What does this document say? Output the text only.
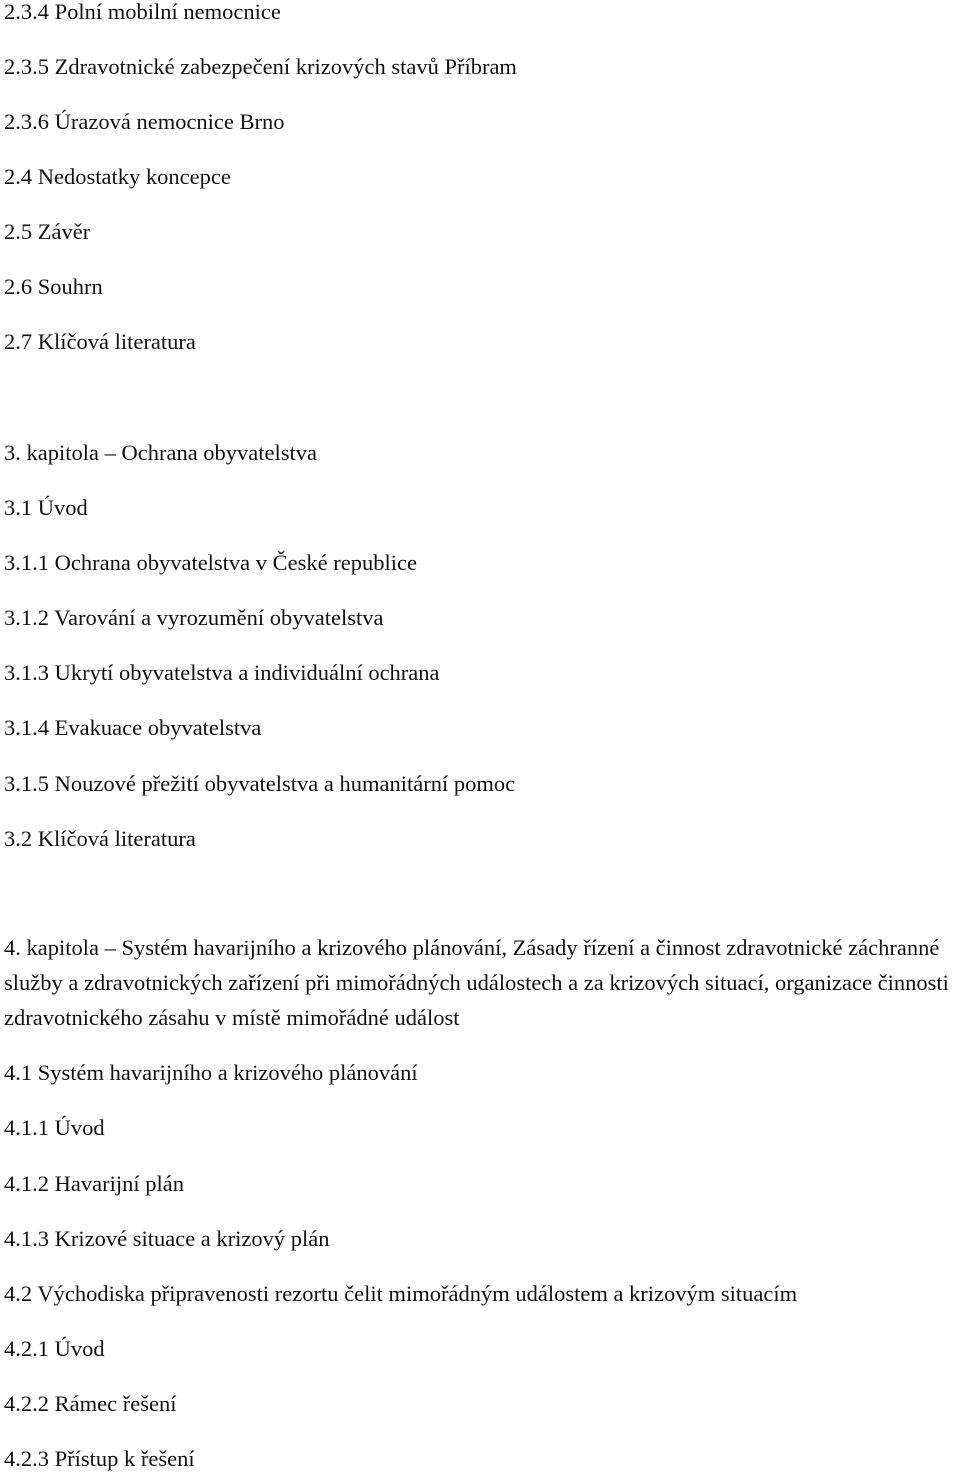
2.3.4 Polní mobilní nemocnice
2.3.5 Zdravotnické zabezpečení krizových stavů Příbram
2.3.6 Úrazová nemocnice Brno
2.4 Nedostatky koncepce
2.5 Závěr
2.6 Souhrn
2.7 Klíčová literatura
3. kapitola – Ochrana obyvatelstva
3.1 Úvod
3.1.1 Ochrana obyvatelstva v České republice
3.1.2 Varování a vyrozumění obyvatelstva
3.1.3 Ukrytí obyvatelstva a individuální ochrana
3.1.4 Evakuace obyvatelstva
3.1.5 Nouzové přežití obyvatelstva a humanitární pomoc
3.2 Klíčová literatura
4. kapitola – Systém havarijního a krizového plánování, Zásady řízení a činnost zdravotnické záchranné služby a zdravotnických zařízení při mimořádných událostech a za krizových situací, organizace činnosti zdravotnického zásahu v místě mimořádné událost
4.1 Systém havarijního a krizového plánování
4.1.1 Úvod
4.1.2 Havarijní plán
4.1.3 Krizové situace a krizový plán
4.2 Východiska připravenosti rezortu čelit mimořádným událostem a krizovým situacím
4.2.1 Úvod
4.2.2 Rámec řešení
4.2.3 Přístup k řešení
